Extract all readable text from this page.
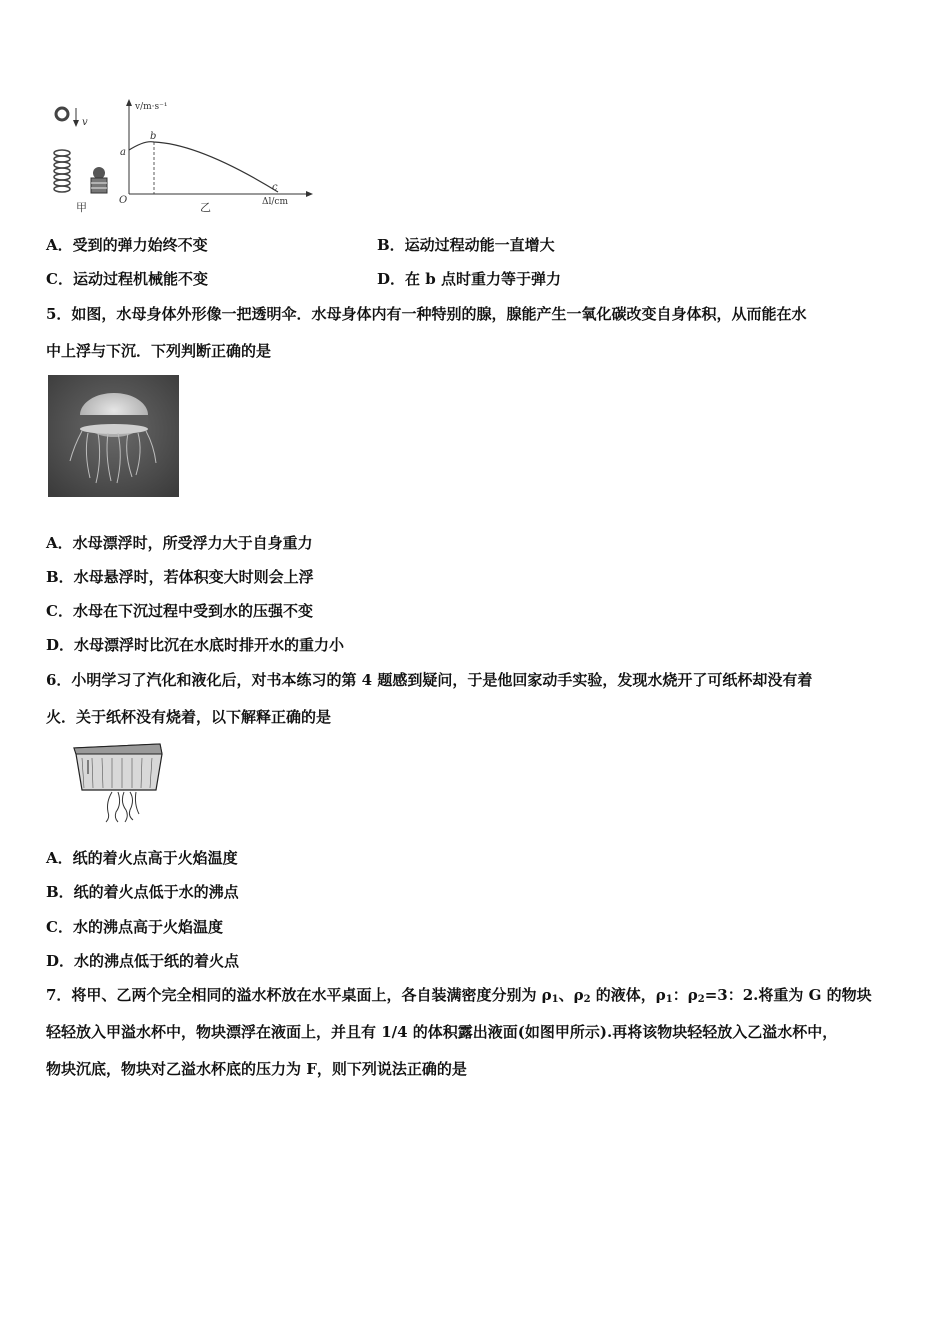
v
甲
v/m·s⁻¹
O
a
b
c
Δl/cm
乙
A．受到的弹力始终不变	B．运动过程动能一直增大
C．运动过程机械能不变	D．在 b 点时重力等于弹力
5．如图，水母身体外形像一把透明伞．水母身体内有一种特别的腺，腺能产生一氧化碳改变自身体积，从而能在水
中上浮与下沉．下列判断正确的是
A．水母漂浮时，所受浮力大于自身重力
B．水母悬浮时，若体积变大时则会上浮
C．水母在下沉过程中受到水的压强不变
D．水母漂浮时比沉在水底时排开水的重力小
6．小明学习了汽化和液化后，对书本练习的第 4 题感到疑问，于是他回家动手实验，发现水烧开了可纸杯却没有着
火．关于纸杯没有烧着，以下解释正确的是
A．纸的着火点高于火焰温度
B．纸的着火点低于水的沸点
C．水的沸点高于火焰温度
D．水的沸点低于纸的着火点
7．将甲、乙两个完全相同的溢水杯放在水平桌面上，各自装满密度分别为 $\rho_1$、$\rho_2$ 的液体，$\rho_1$：$\rho_2=3$：2.将重为 G 的物块
轻轻放入甲溢水杯中，物块漂浮在液面上，并且有 1/4 的体积露出液面(如图甲所示).再将该物块轻轻放入乙溢水杯中，
物块沉底，物块对乙溢水杯底的压力为 F，则下列说法正确的是
